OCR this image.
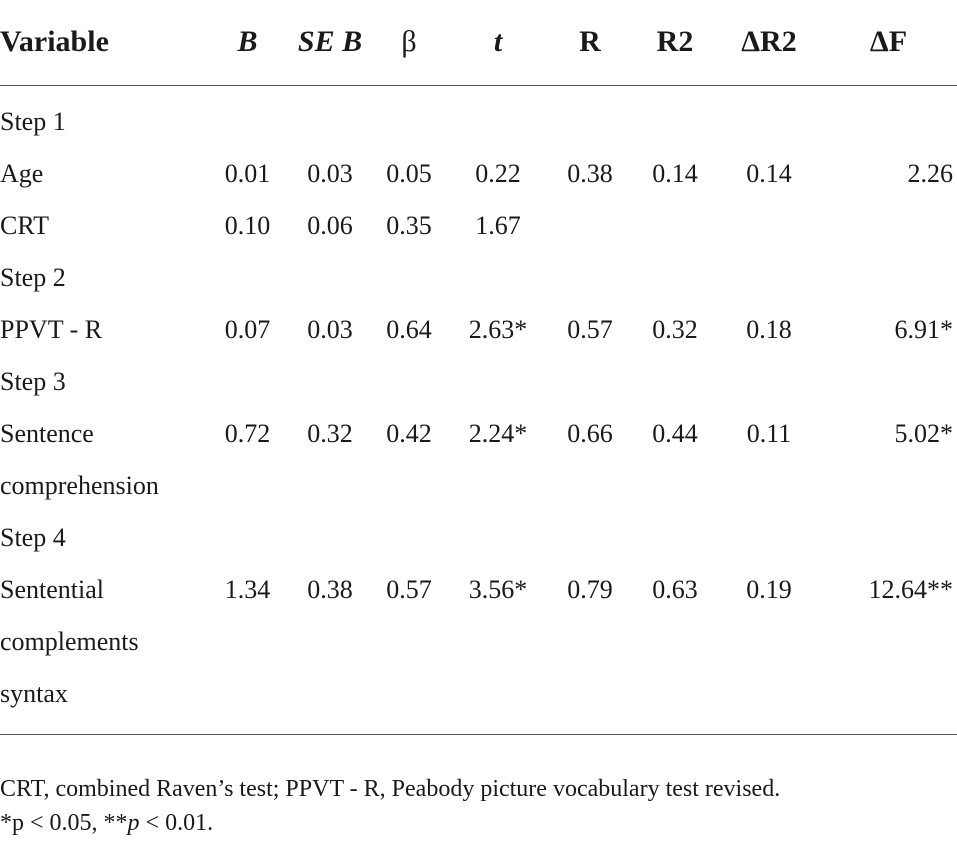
Variable	B	SE B	β	t	R	R2	ΔR2	ΔF
Step 1								
Age	0.01	0.03	0.05	0.22	0.38	0.14	0.14	2.26
CRT	0.10	0.06	0.35	1.67				
Step 2								
PPVT - R	0.07	0.03	0.64	2.63*	0.57	0.32	0.18	6.91*
Step 3								
Sentence comprehension	0.72	0.32	0.42	2.24*	0.66	0.44	0.11	5.02*
Step 4								
Sentential complements syntax	1.34	0.38	0.57	3.56*	0.79	0.63	0.19	12.64**

CRT, combined Raven’s test; PPVT - R, Peabody picture vocabulary test revised.

*p < 0.05, **p < 0.01.
